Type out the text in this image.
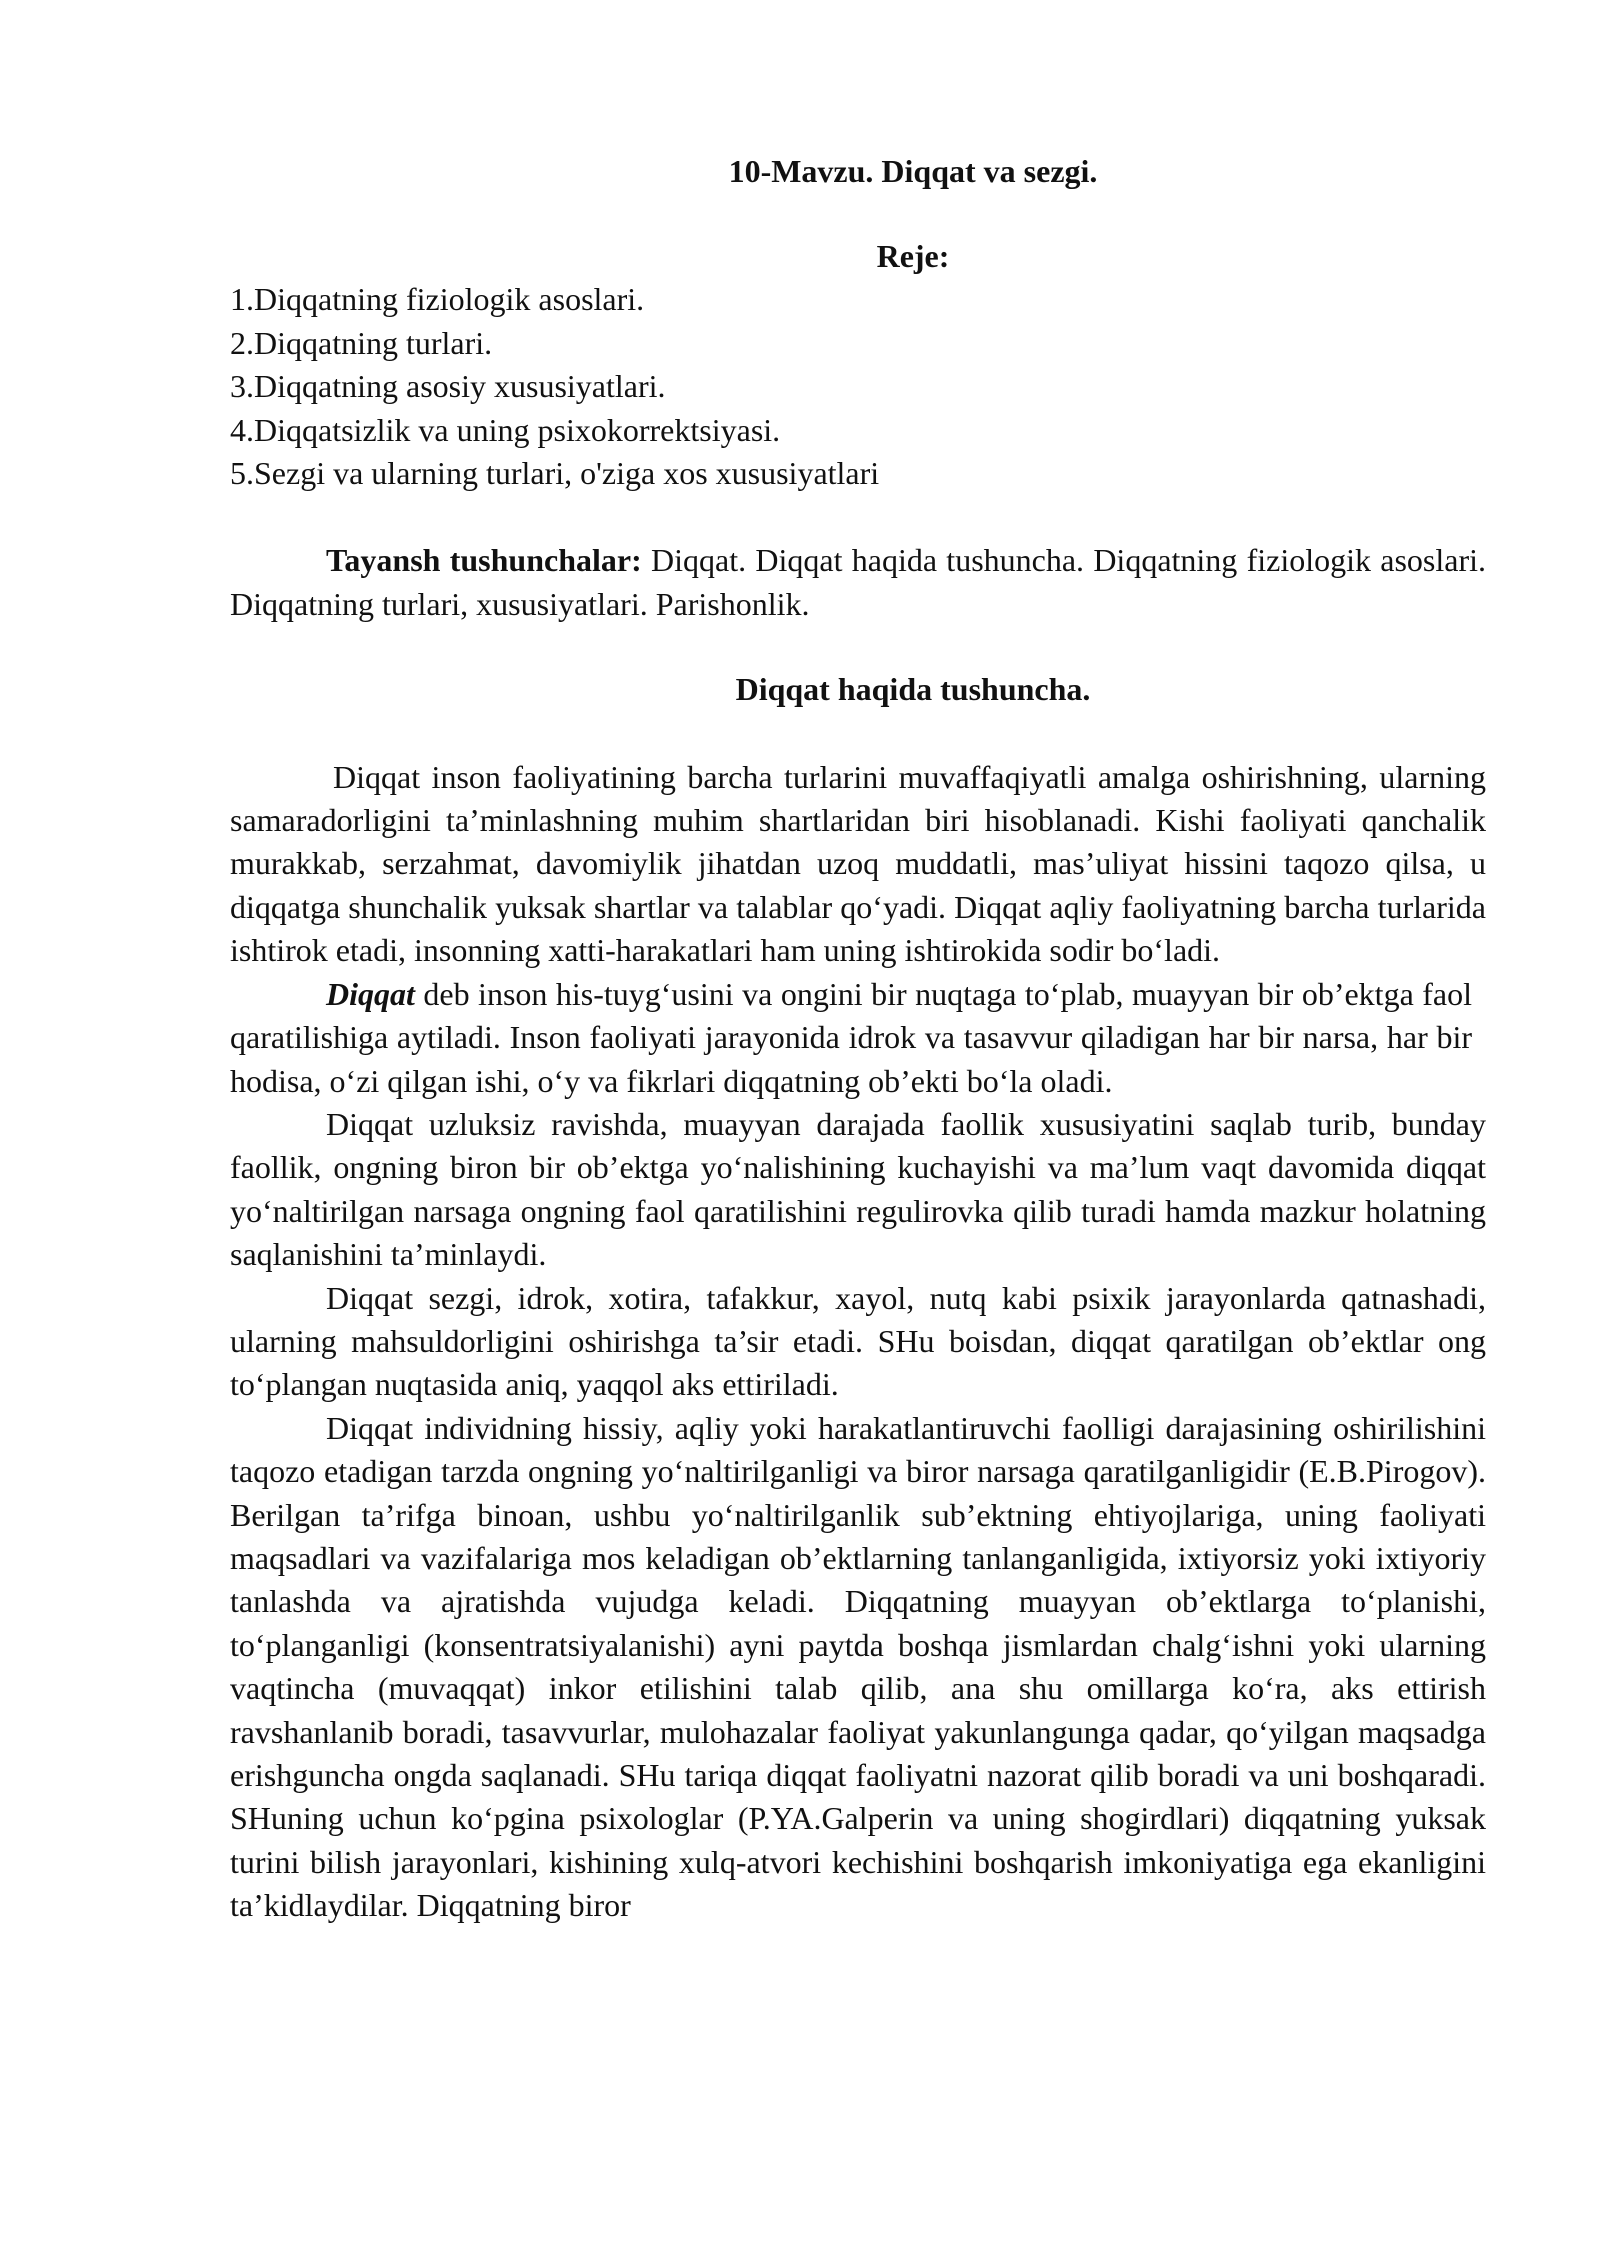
10-Mavzu. Diqqat va sezgi.
Reje:
1.Diqqatning fiziologik asoslari.
2.Diqqatning turlari.
3.Diqqatning asosiy xususiyatlari.
4.Diqqatsizlik va uning psixokorrektsiyasi.
5.Sezgi va ularning turlari, o'ziga xos xususiyatlari

Tayansh tushunchalar: Diqqat. Diqqat haqida tushuncha. Diqqatning fiziologik asoslari. Diqqatning turlari, xususiyatlari. Parishonlik.

Diqqat haqida tushuncha.

Diqqat inson faoliyatining barcha turlarini muvaffaqiyatli amalga oshirishning, ularning samaradorligini ta’minlashning muhim shartlaridan biri hisoblanadi. Kishi faoliyati qanchalik murakkab, serzahmat, davomiylik jihatdan uzoq muddatli, mas’uliyat hissini taqozo qilsa, u diqqatga shunchalik yuksak shartlar va talablar qo‘yadi. Diqqat aqliy faoliyatning barcha turlarida ishtirok etadi, insonning xatti-harakatlari ham uning ishtirokida sodir bo‘ladi.

Diqqat deb inson his-tuyg‘usini va ongini bir nuqtaga to‘plab, muayyan bir ob’ektga faol qaratilishiga aytiladi. Inson faoliyati jarayonida idrok va tasavvur qiladigan har bir narsa, har bir hodisa, o‘zi qilgan ishi, o‘y va fikrlari diqqatning ob’ekti bo‘la oladi.

Diqqat uzluksiz ravishda, muayyan darajada faollik xususiyatini saqlab turib, bunday faollik, ongning biron bir ob’ektga yo‘nalishining kuchayishi va ma’lum vaqt davomida diqqat yo‘naltirilgan narsaga ongning faol qaratilishini regulirovka qilib turadi hamda mazkur holatning saqlanishini ta’minlaydi.

Diqqat sezgi, idrok, xotira, tafakkur, xayol, nutq kabi psixik jarayonlarda qatnashadi, ularning mahsuldorligini oshirishga ta’sir etadi. SHu boisdan, diqqat qaratilgan ob’ektlar ong to‘plangan nuqtasida aniq, yaqqol aks ettiriladi.

Diqqat individning hissiy, aqliy yoki harakatlantiruvchi faolligi darajasining oshirilishini taqozo etadigan tarzda ongning yo‘naltirilganligi va biror narsaga qaratilganligidir (E.B.Pirogov). Berilgan ta’rifga binoan, ushbu yo‘naltirilganlik sub’ektning ehtiyojlariga, uning faoliyati maqsadlari va vazifalariga mos keladigan ob’ektlarning tanlanganligida, ixtiyorsiz yoki ixtiyoriy tanlashda va ajratishda vujudga keladi. Diqqatning muayyan ob’ektlarga to‘planishi, to‘planganligi (konsentratsiyalanishi) ayni paytda boshqa jismlardan chalg‘ishni yoki ularning vaqtincha (muvaqqat) inkor etilishini talab qilib, ana shu omillarga ko‘ra, aks ettirish ravshanlanib boradi, tasavvurlar, mulohazalar faoliyat yakunlangunga qadar, qo‘yilgan maqsadga erishguncha ongda saqlanadi. SHu tariqa diqqat faoliyatni nazorat qilib boradi va uni boshqaradi. SHuning uchun ko‘pgina psixologlar (P.YA.Galperin va uning shogirdlari) diqqatning yuksak turini bilish jarayonlari, kishining xulq-atvori kechishini boshqarish imkoniyatiga ega ekanligini ta’kidlaydilar. Diqqatning biror
